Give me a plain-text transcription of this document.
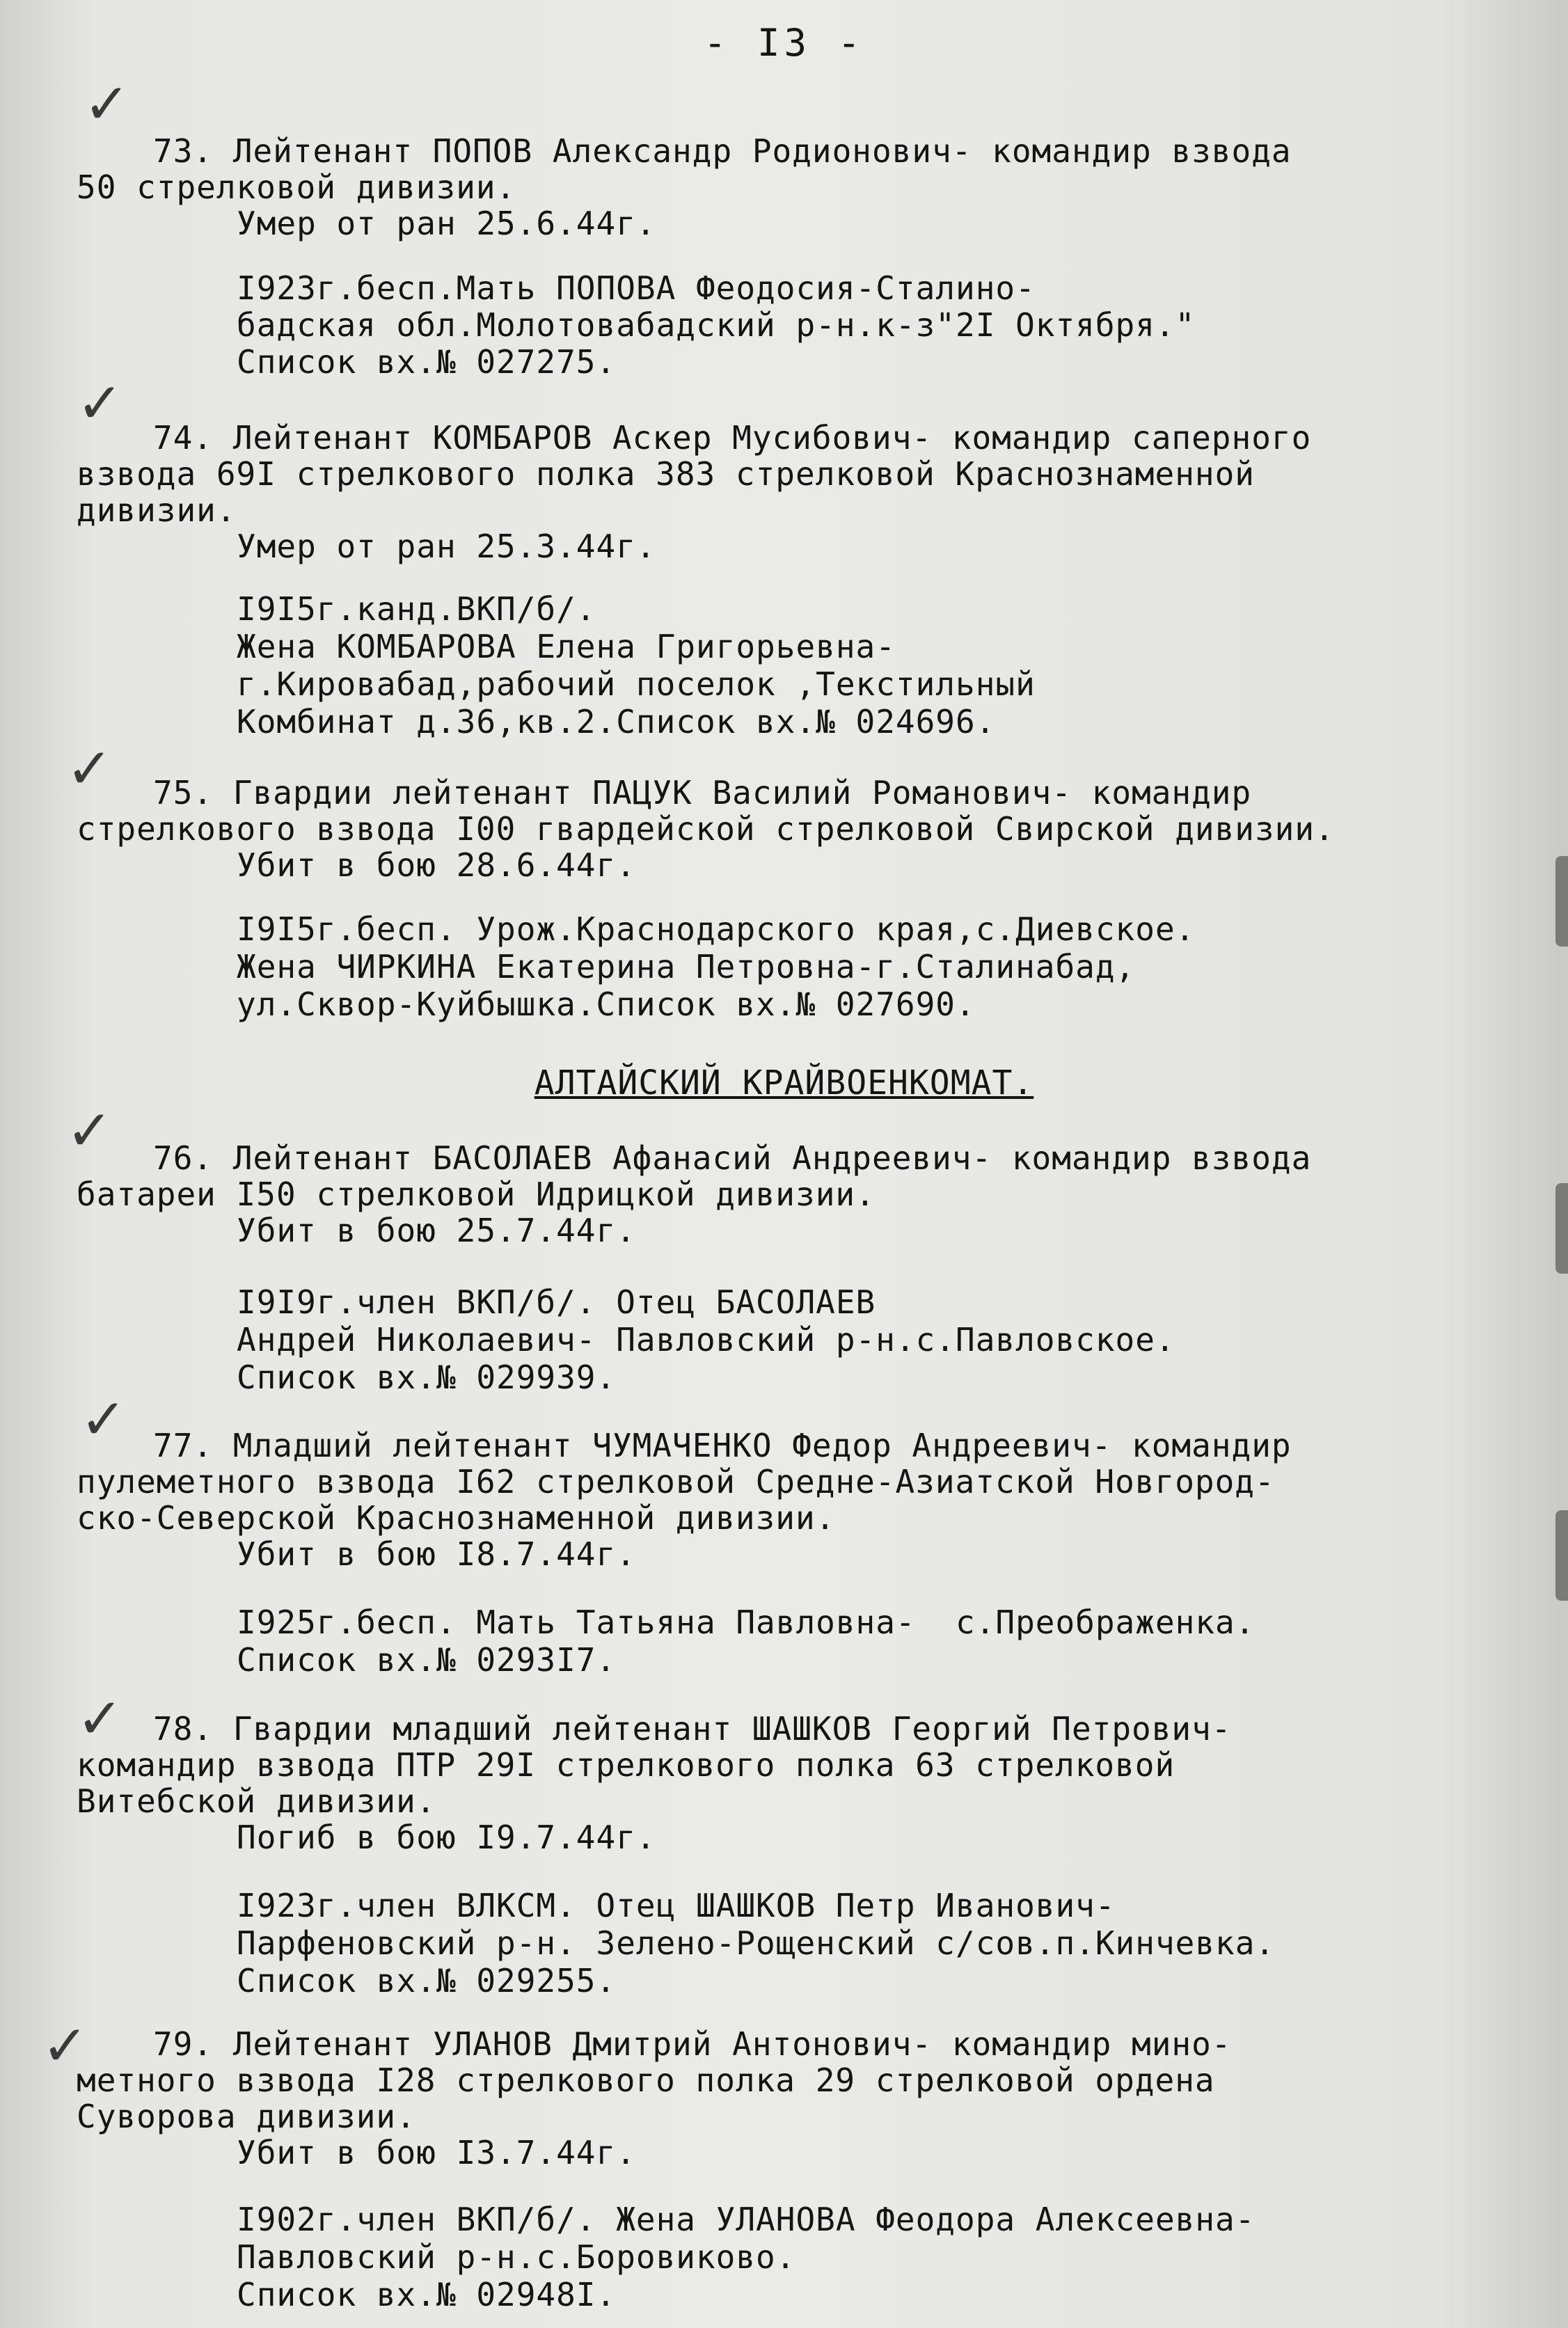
- I3 -
✓
✓
✓
✓
✓
✓
✓
73. Лейтенант ПОПОВ Александр Родионович- командир взвода
50 стрелковой дивизии.
Умер от ран 25.6.44г.
I923г.бесп.Мать ПОПОВА Феодосия-Сталино-
бадская обл.Молотовабадский р-н.к-з"2I Октября."
Список вх.№ 027275.
74. Лейтенант КОМБАРОВ Аскер Мусибович- командир саперного
взвода 69I стрелкового полка 383 стрелковой Краснознаменной
дивизии.
Умер от ран 25.3.44г.
I9I5г.канд.ВКП/б/.
Жена КОМБАРОВА Елена Григорьевна-
г.Кировабад,рабочий поселок ,Текстильный
Комбинат д.36,кв.2.Список вх.№ 024696.
75. Гвардии лейтенант ПАЦУК Василий Романович- командир
стрелкового взвода I00 гвардейской стрелковой Свирской дивизии.
Убит в бою 28.6.44г.
I9I5г.бесп. Урож.Краснодарского края,с.Диевское.
Жена ЧИРКИНА Екатерина Петровна-г.Сталинабад,
ул.Сквор-Куйбышка.Список вх.№ 027690.
АЛТАЙСКИЙ КРАЙВОЕНКОМАТ.
76. Лейтенант БАСОЛАЕВ Афанасий Андреевич- командир взвода
батареи I50 стрелковой Идрицкой дивизии.
Убит в бою 25.7.44г.
I9I9г.член ВКП/б/. Отец БАСОЛАЕВ
Андрей Николаевич- Павловский р-н.с.Павловское.
Список вх.№ 029939.
77. Младший лейтенант ЧУМАЧЕНКО Федор Андреевич- командир
пулеметного взвода I62 стрелковой Средне-Азиатской Новгород-
ско-Северской Краснознаменной дивизии.
Убит в бою I8.7.44г.
I925г.бесп. Мать Татьяна Павловна-  с.Преображенка.
Список вх.№ 0293I7.
78. Гвардии младший лейтенант ШАШКОВ Георгий Петрович-
командир взвода ПТР 29I стрелкового полка 63 стрелковой
Витебской дивизии.
Погиб в бою I9.7.44г.
I923г.член ВЛКСМ. Отец ШАШКОВ Петр Иванович-
Парфеновский р-н. Зелено-Рощенский с/сов.п.Кинчевка.
Список вх.№ 029255.
79. Лейтенант УЛАНОВ Дмитрий Антонович- командир мино-
метного взвода I28 стрелкового полка 29 стрелковой ордена
Суворова дивизии.
Убит в бою I3.7.44г.
I902г.член ВКП/б/. Жена УЛАНОВА Феодора Алексеевна-
Павловский р-н.с.Боровиково.
Список вх.№ 02948I.
